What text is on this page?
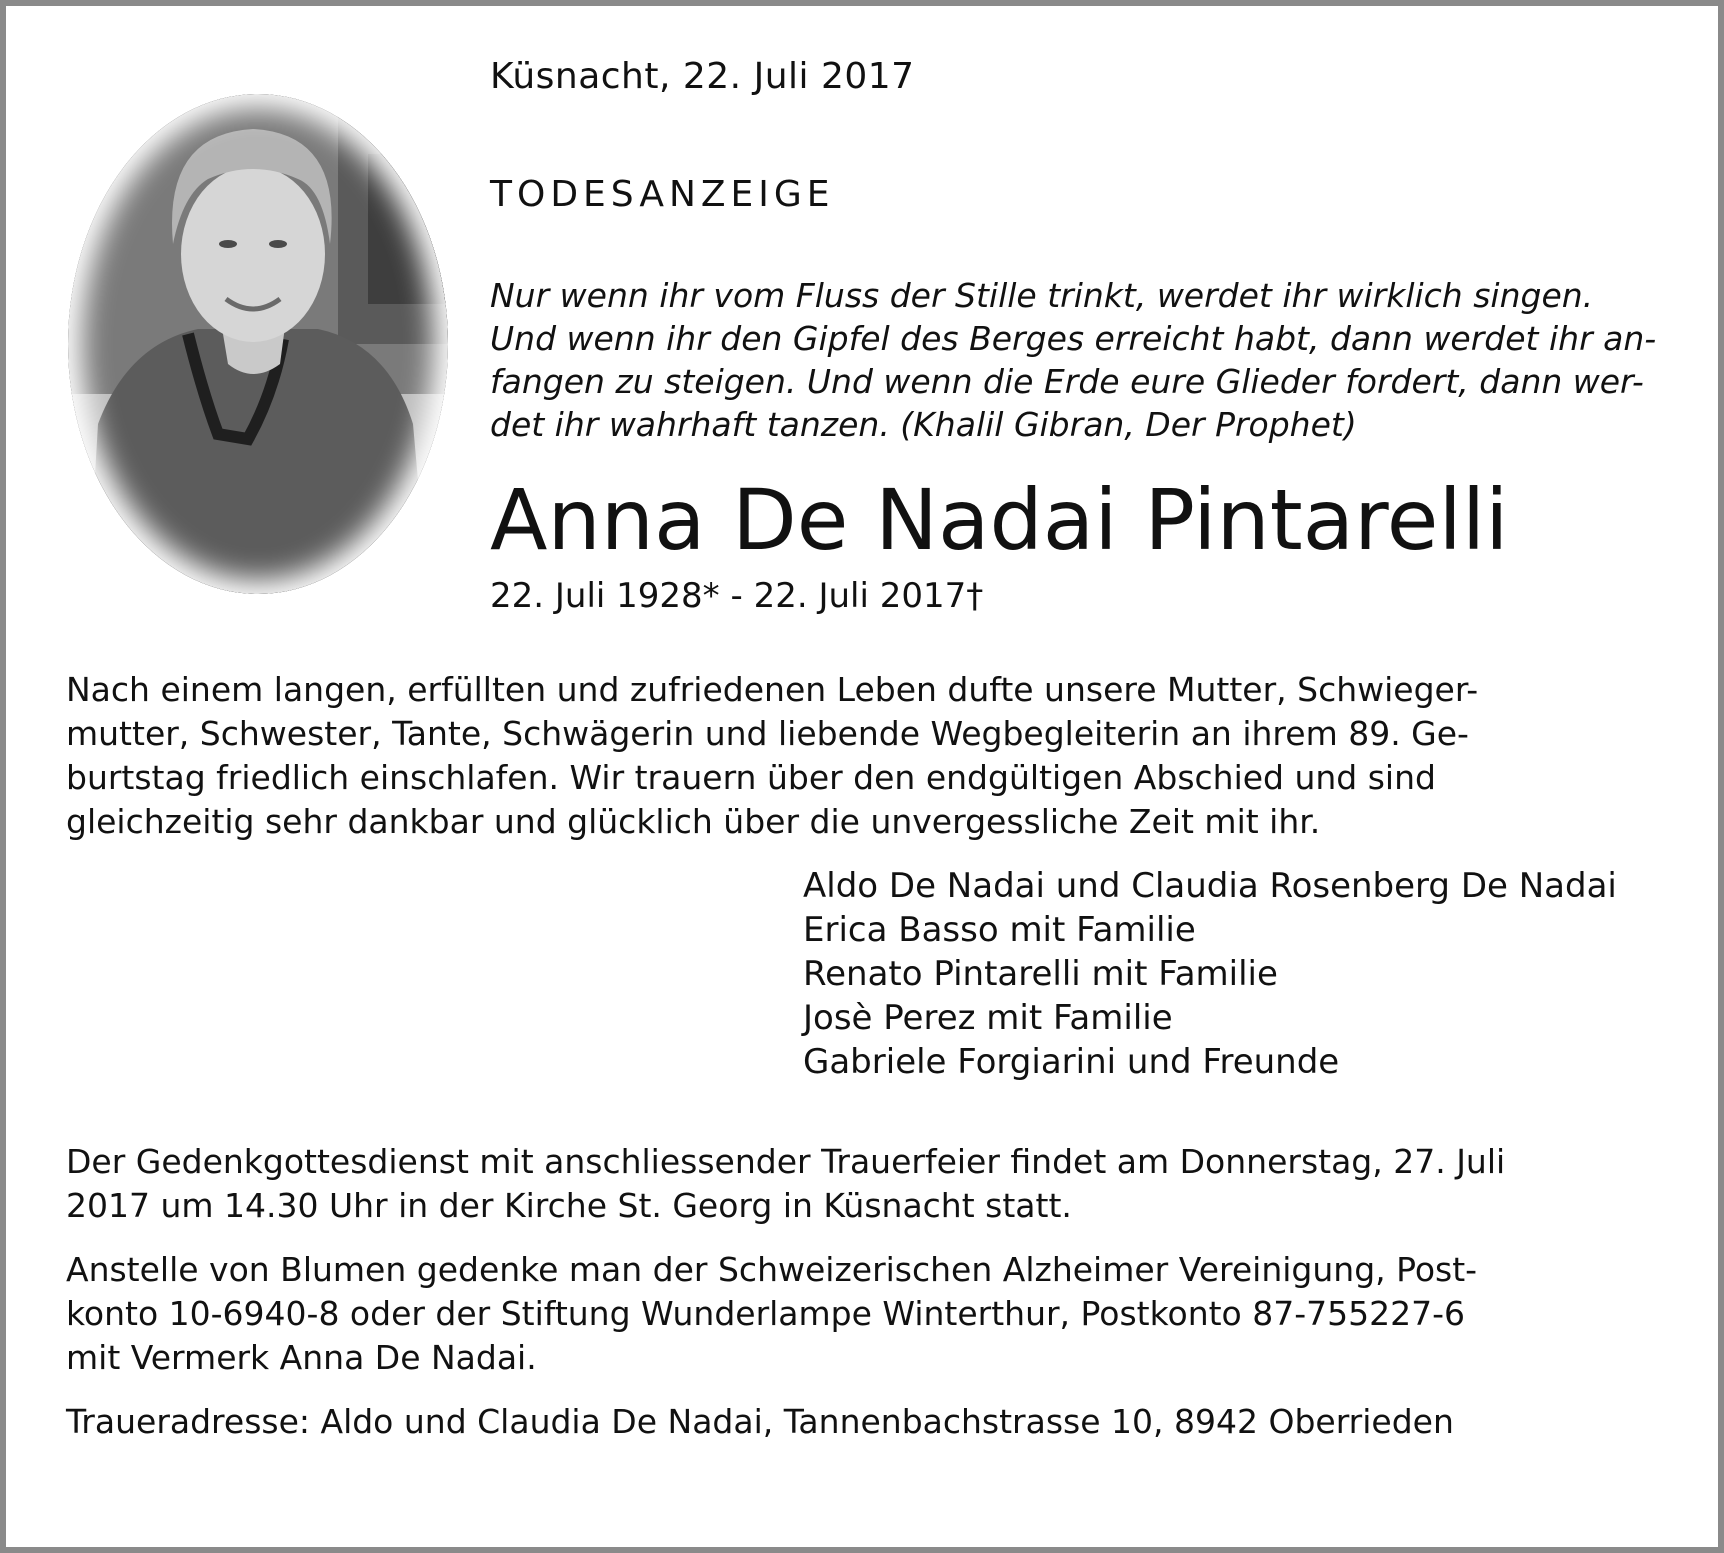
Küsnacht, 22. Juli 2017
TODESANZEIGE

Nur wenn ihr vom Fluss der Stille trinkt, werdet ihr wirklich singen.
Und wenn ihr den Gipfel des Berges erreicht habt, dann werdet ihr an-
fangen zu steigen. Und wenn die Erde eure Glieder fordert, dann wer-
det ihr wahrhaft tanzen. (Khalil Gibran, Der Prophet)

Anna De Nadai Pintarelli
22. Juli 1928* - 22. Juli 2017†

Nach einem langen, erfüllten und zufriedenen Leben dufte unsere Mutter, Schwieger-
mutter, Schwester, Tante, Schwägerin und liebende Wegbegleiterin an ihrem 89. Ge-
burtstag friedlich einschlafen. Wir trauern über den endgültigen Abschied und sind
gleichzeitig sehr dankbar und glücklich über die unvergessliche Zeit mit ihr.

Aldo De Nadai und Claudia Rosenberg De Nadai
Erica Basso mit Familie
Renato Pintarelli mit Familie
Josè Perez mit Familie
Gabriele Forgiarini und Freunde

Der Gedenkgottesdienst mit anschliessender Trauerfeier findet am Donnerstag, 27. Juli
2017 um 14.30 Uhr in der Kirche St. Georg in Küsnacht statt.

Anstelle von Blumen gedenke man der Schweizerischen Alzheimer Vereinigung, Post-
konto 10-6940-8 oder der Stiftung Wunderlampe Winterthur, Postkonto 87-755227-6
mit Vermerk Anna De Nadai.

Traueradresse: Aldo und Claudia De Nadai, Tannenbachstrasse 10, 8942 Oberrieden
